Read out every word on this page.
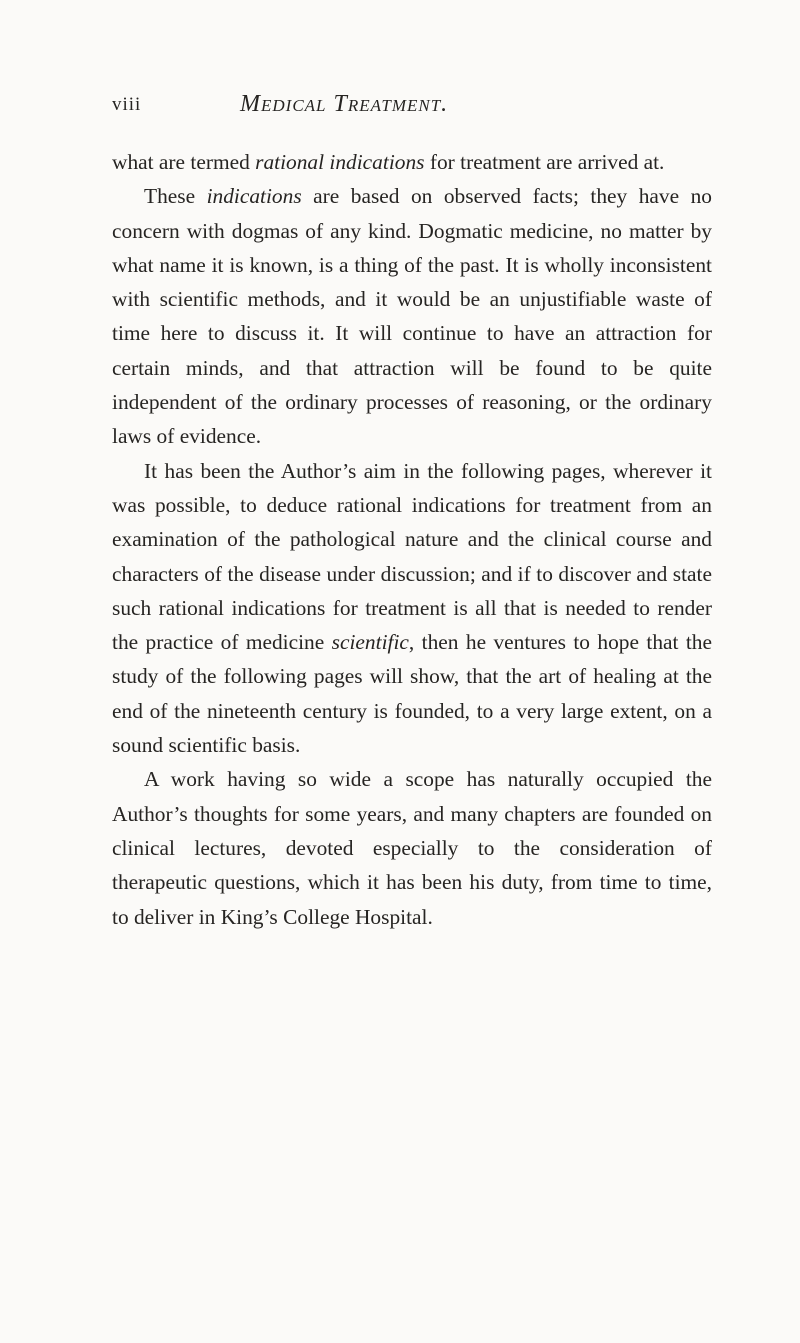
viii	Medical Treatment.

what are termed rational indications for treatment are arrived at.

These indications are based on observed facts; they have no concern with dogmas of any kind. Dogmatic medicine, no matter by what name it is known, is a thing of the past. It is wholly inconsistent with scientific methods, and it would be an unjustifiable waste of time here to discuss it. It will continue to have an attraction for certain minds, and that attraction will be found to be quite independent of the ordinary processes of reasoning, or the ordinary laws of evidence.

It has been the Author’s aim in the following pages, wherever it was possible, to deduce rational indications for treatment from an examination of the pathological nature and the clinical course and characters of the disease under discussion; and if to discover and state such rational indications for treatment is all that is needed to render the practice of medicine scientific, then he ventures to hope that the study of the following pages will show, that the art of healing at the end of the nineteenth century is founded, to a very large extent, on a sound scientific basis.

A work having so wide a scope has naturally occupied the Author’s thoughts for some years, and many chapters are founded on clinical lectures, devoted especially to the consideration of therapeutic questions, which it has been his duty, from time to time, to deliver in King’s College Hospital.
